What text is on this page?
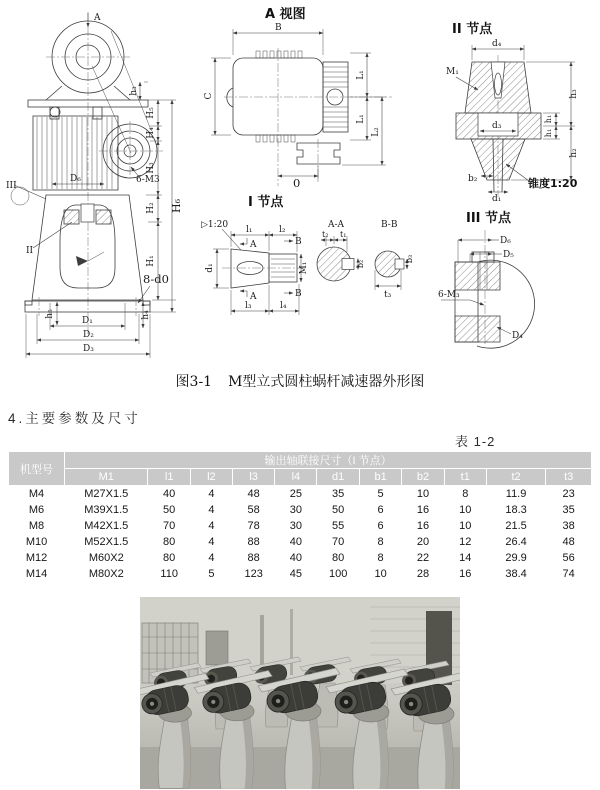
A
III
II
D₆	6-M3
8-d0
h₃
H₅
H₄
H₃
H₂
H₁
H₆
h₅	h₄
D₁
D₂
D₃
A 视图
B
L₁
L₁
L₂
C
0
II 节点
d₄
M₁
d₃
b₂	锥度1:20
d₁
h₃
h₁
h₁
h₂
I 节点
▷1:20 l₁	l₂
d₁	M₁
A
A
B
B
l₃	l₄
A-A
t₂ t₁
b₂
B-B
b₃
t₃
III 节点
D₆
D₅
6-M₃
D₄
图3-1 M型立式圆柱蜗杆减速器外形图
4.主要参数及尺寸
表 1-2
机型号	输出轴联接尺寸（I 节点）										
	M1	l1	l2	l3	l4	d1	b1	b2	t1	t2	t3
M4	M27X1.5	40	4	48	25	35	5	10	8	11.9	23
M6	M39X1.5	50	4	58	30	50	6	16	10	18.3	35
M8	M42X1.5	70	4	78	30	55	6	16	10	21.5	38
M10	M52X1.5	80	4	88	40	70	8	20	12	26.4	48
M12	M60X2	80	4	88	40	80	8	22	14	29.9	56
M14	M80X2	110	5	123	45	100	10	28	16	38.4	74
